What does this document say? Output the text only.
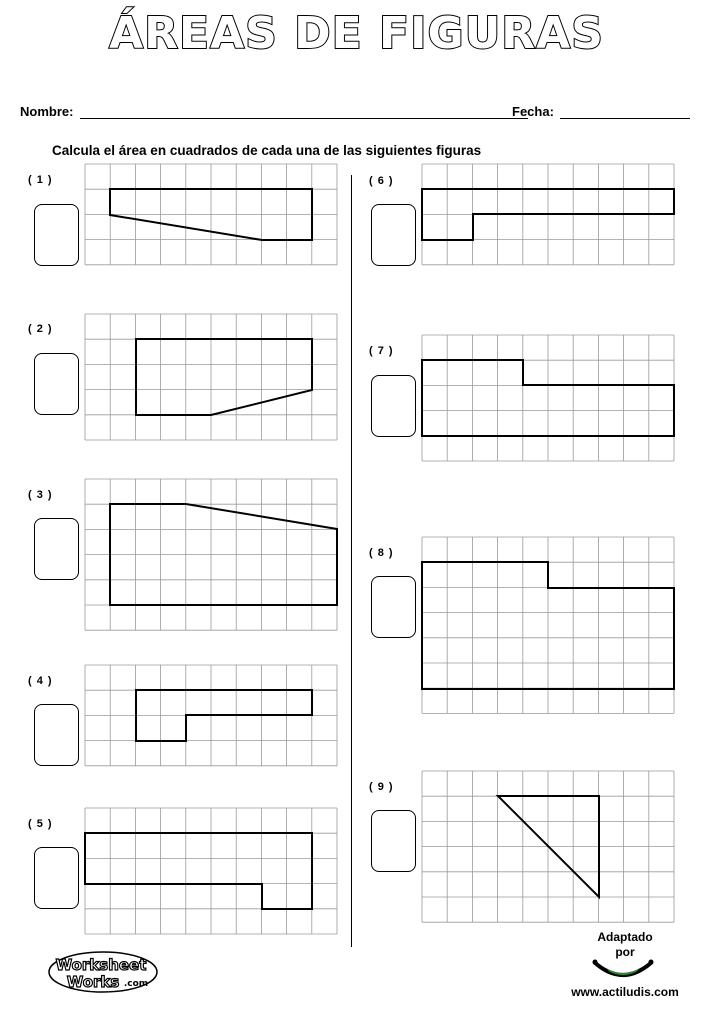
ÁREAS DE FIGURAS
Nombre:	Fecha:
Calcula el área en cuadrados de cada una de las siguientes figuras
( 1 )
( 2 )
( 3 )
( 4 )
( 5 )
( 6 )
( 7 )
( 8 )
( 9 )
Worksheet
Works .com
Adaptado
por
www.actiludis.com
